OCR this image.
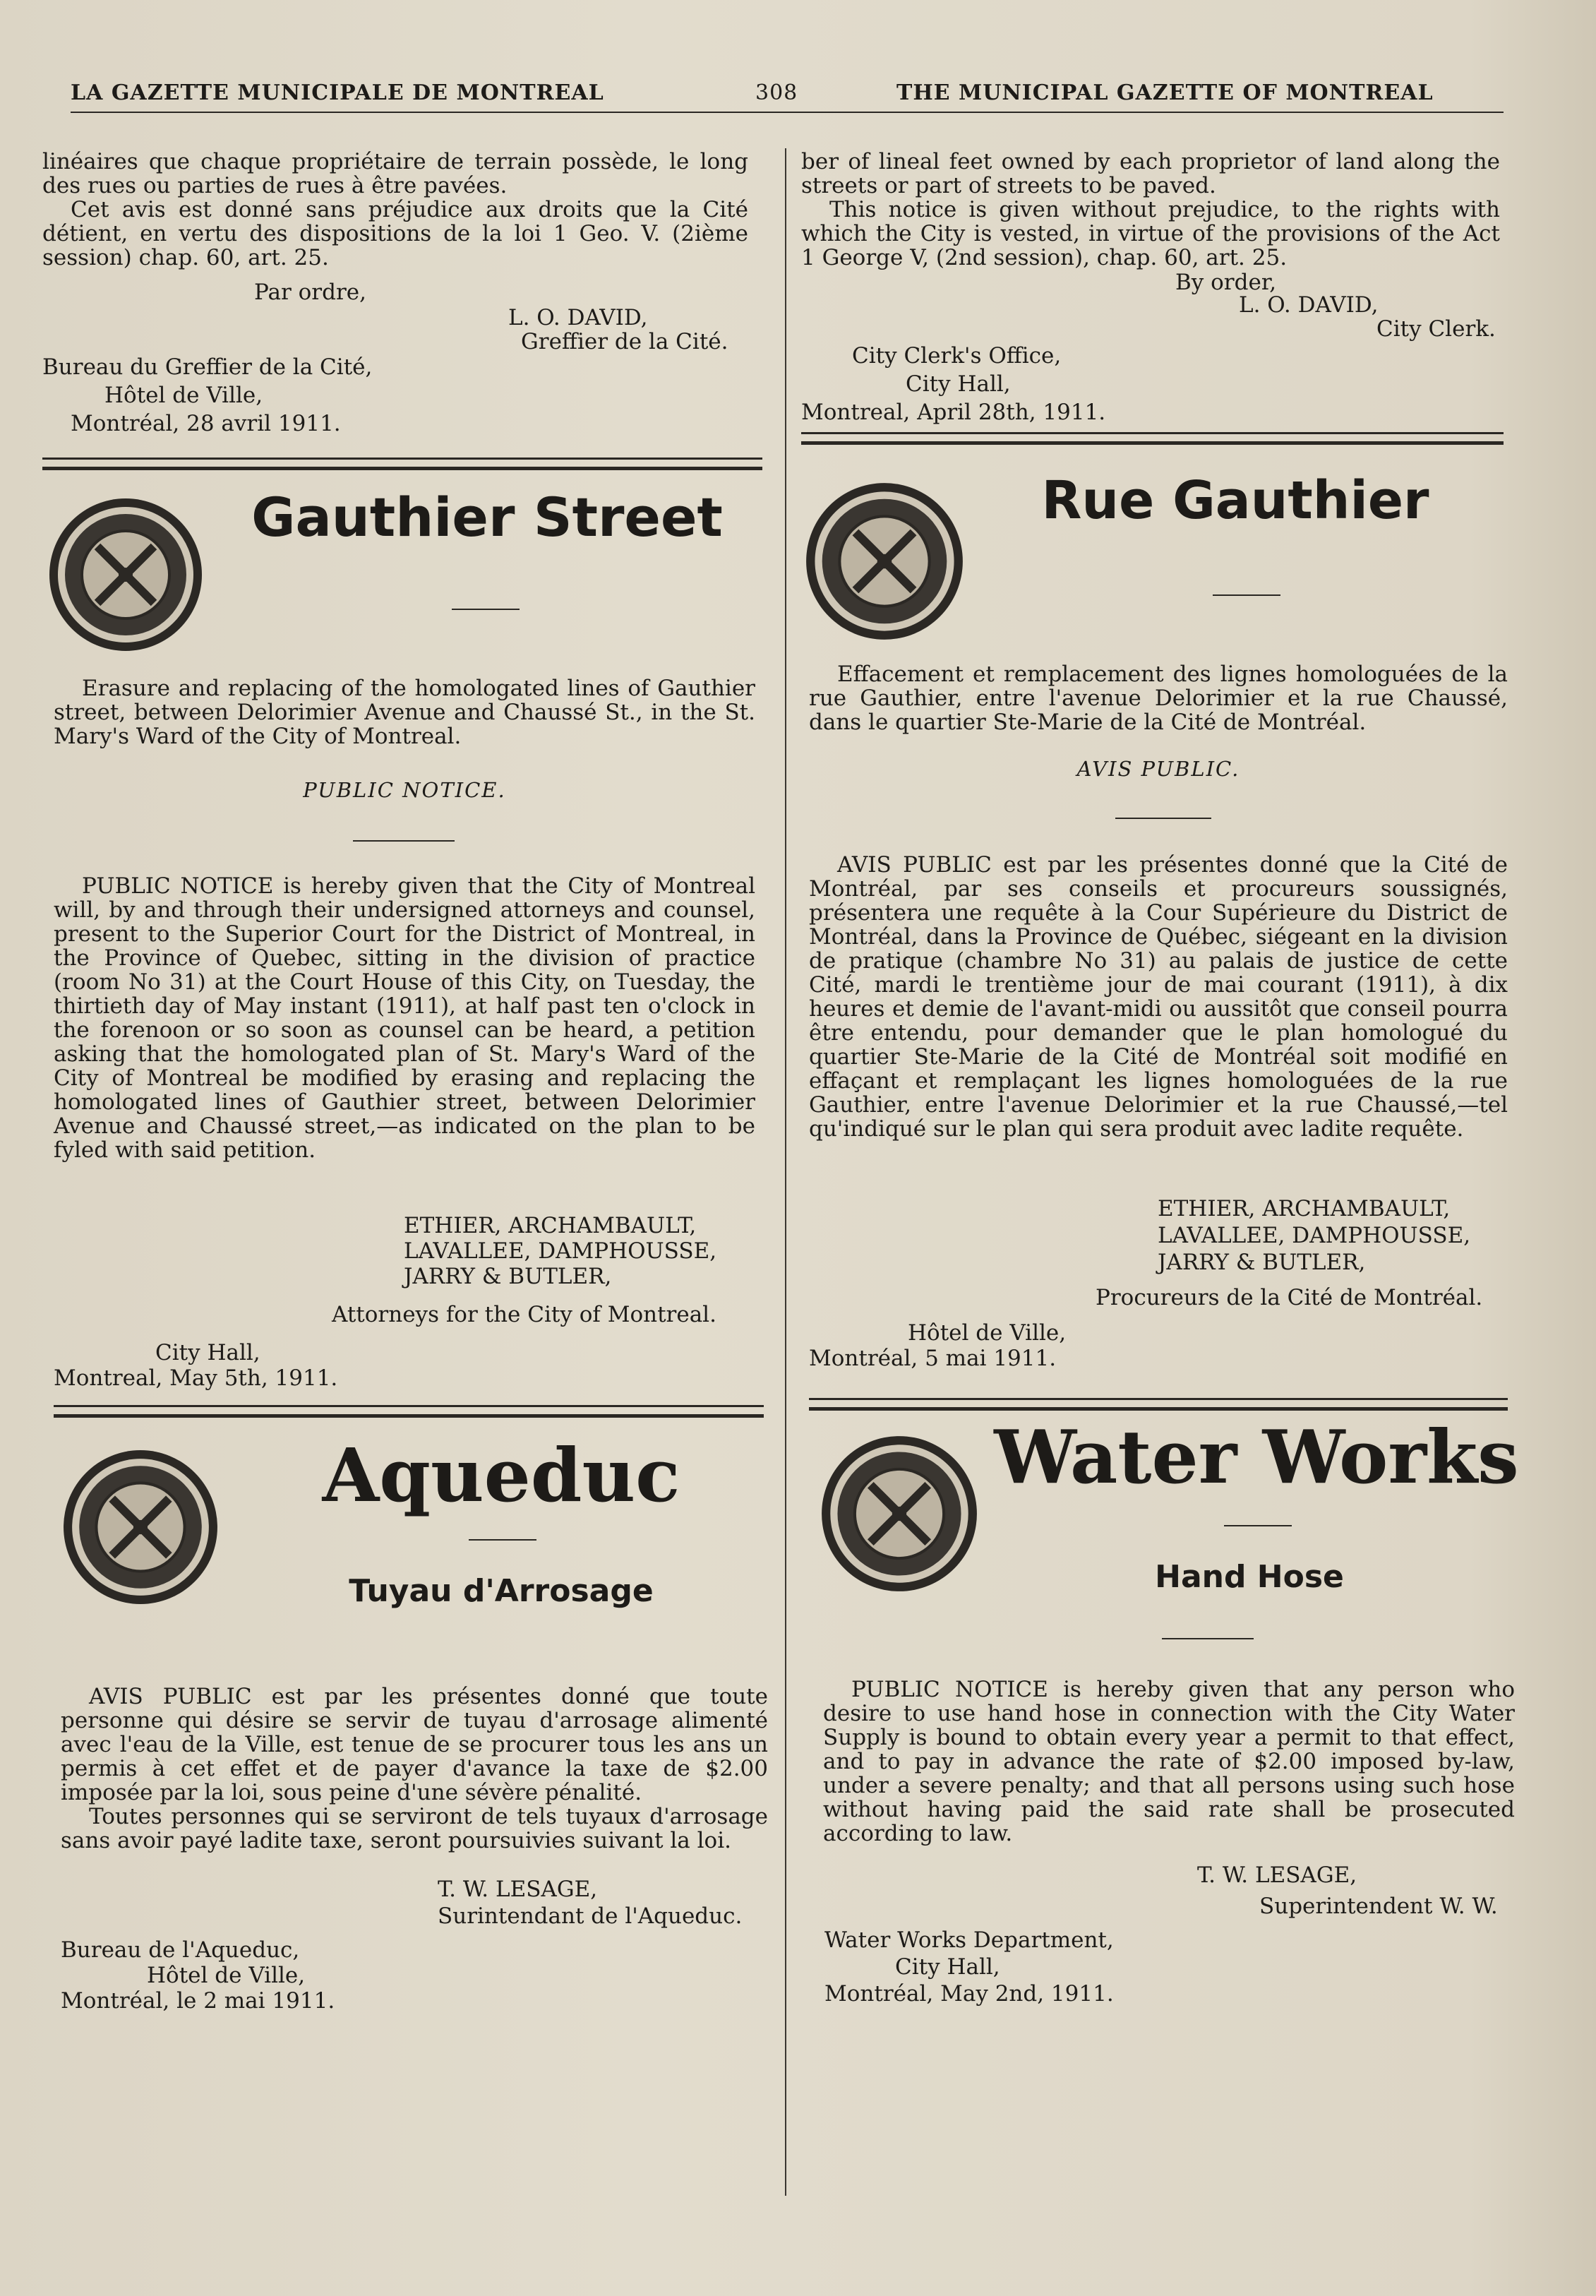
LA GAZETTE MUNICIPALE DE MONTREAL	308	THE MUNICIPAL GAZETTE OF MONTREAL

linéaires que chaque propriétaire de terrain possède, le long des rues ou parties de rues à être pavées.

Cet avis est donné sans préjudice aux droits que la Cité détient, en vertu des dispositions de la loi 1 Geo. V. (2ième session) chap. 60, art. 25.

Par ordre,
L. O. DAVID,
Greffier de la Cité.
Bureau du Greffier de la Cité,
Hôtel de Ville,
Montréal, 28 avril 1911.

ber of lineal feet owned by each proprietor of land along the streets or part of streets to be paved.

This notice is given without prejudice, to the rights with which the City is vested, in virtue of the provisions of the Act 1 George V, (2nd session), chap. 60, art. 25.

By order,
L. O. DAVID,
City Clerk.
City Clerk's Office,
City Hall,
Montreal, April 28th, 1911.
Gauthier Street

Erasure and replacing of the homologated lines of Gauthier street, between Delorimier Avenue and Chaussé St., in the St. Mary's Ward of the City of Montreal.

PUBLIC NOTICE.

PUBLIC NOTICE is hereby given that the City of Montreal will, by and through their undersigned attorneys and counsel, present to the Superior Court for the District of Montreal, in the Province of Quebec, sitting in the division of practice (room No 31) at the Court House of this City, on Tuesday, the thirtieth day of May instant (1911), at half past ten o'clock in the forenoon or so soon as counsel can be heard, a petition asking that the homologated plan of St. Mary's Ward of the City of Montreal be modified by erasing and replacing the homologated lines of Gauthier street, between Delorimier Avenue and Chaussé street,—as indicated on the plan to be fyled with said petition.

ETHIER, ARCHAMBAULT,
LAVALLEE, DAMPHOUSSE,
JARRY & BUTLER,
Attorneys for the City of Montreal.
City Hall,
Montreal, May 5th, 1911.
Rue Gauthier

Effacement et remplacement des lignes homologuées de la rue Gauthier, entre l'avenue Delorimier et la rue Chaussé, dans le quartier Ste-Marie de la Cité de Montréal.

AVIS PUBLIC.

AVIS PUBLIC est par les présentes donné que la Cité de Montréal, par ses conseils et procureurs soussignés, présentera une requête à la Cour Supérieure du District de Montréal, dans la Province de Québec, siégeant en la division de pratique (chambre No 31) au palais de justice de cette Cité, mardi le trentième jour de mai courant (1911), à dix heures et demie de l'avant-midi ou aussitôt que conseil pourra être entendu, pour demander que le plan homologué du quartier Ste-Marie de la Cité de Montréal soit modifié en effaçant et remplaçant les lignes homologuées de la rue Gauthier, entre l'avenue Delorimier et la rue Chaussé,—tel qu'indiqué sur le plan qui sera produit avec ladite requête.

ETHIER, ARCHAMBAULT,
LAVALLEE, DAMPHOUSSE,
JARRY & BUTLER,
Procureurs de la Cité de Montréal.
Hôtel de Ville,
Montréal, 5 mai 1911.
Aqueduc
Tuyau d'Arrosage

AVIS PUBLIC est par les présentes donné que toute personne qui désire se servir de tuyau d'arrosage alimenté avec l'eau de la Ville, est tenue de se procurer tous les ans un permis à cet effet et de payer d'avance la taxe de $2.00 imposée par la loi, sous peine d'une sévère pénalité.

Toutes personnes qui se serviront de tels tuyaux d'arrosage sans avoir payé ladite taxe, seront poursuivies suivant la loi.

T. W. LESAGE,
Surintendant de l'Aqueduc.
Bureau de l'Aqueduc,
Hôtel de Ville,
Montréal, le 2 mai 1911.
Water Works
Hand Hose

PUBLIC NOTICE is hereby given that any person who desire to use hand hose in connection with the City Water Supply is bound to obtain every year a permit to that effect, and to pay in advance the rate of $2.00 imposed by-law, under a severe penalty; and that all persons using such hose without having paid the said rate shall be prosecuted according to law.

T. W. LESAGE,
Superintendent W. W.
Water Works Department,
City Hall,
Montréal, May 2nd, 1911.
